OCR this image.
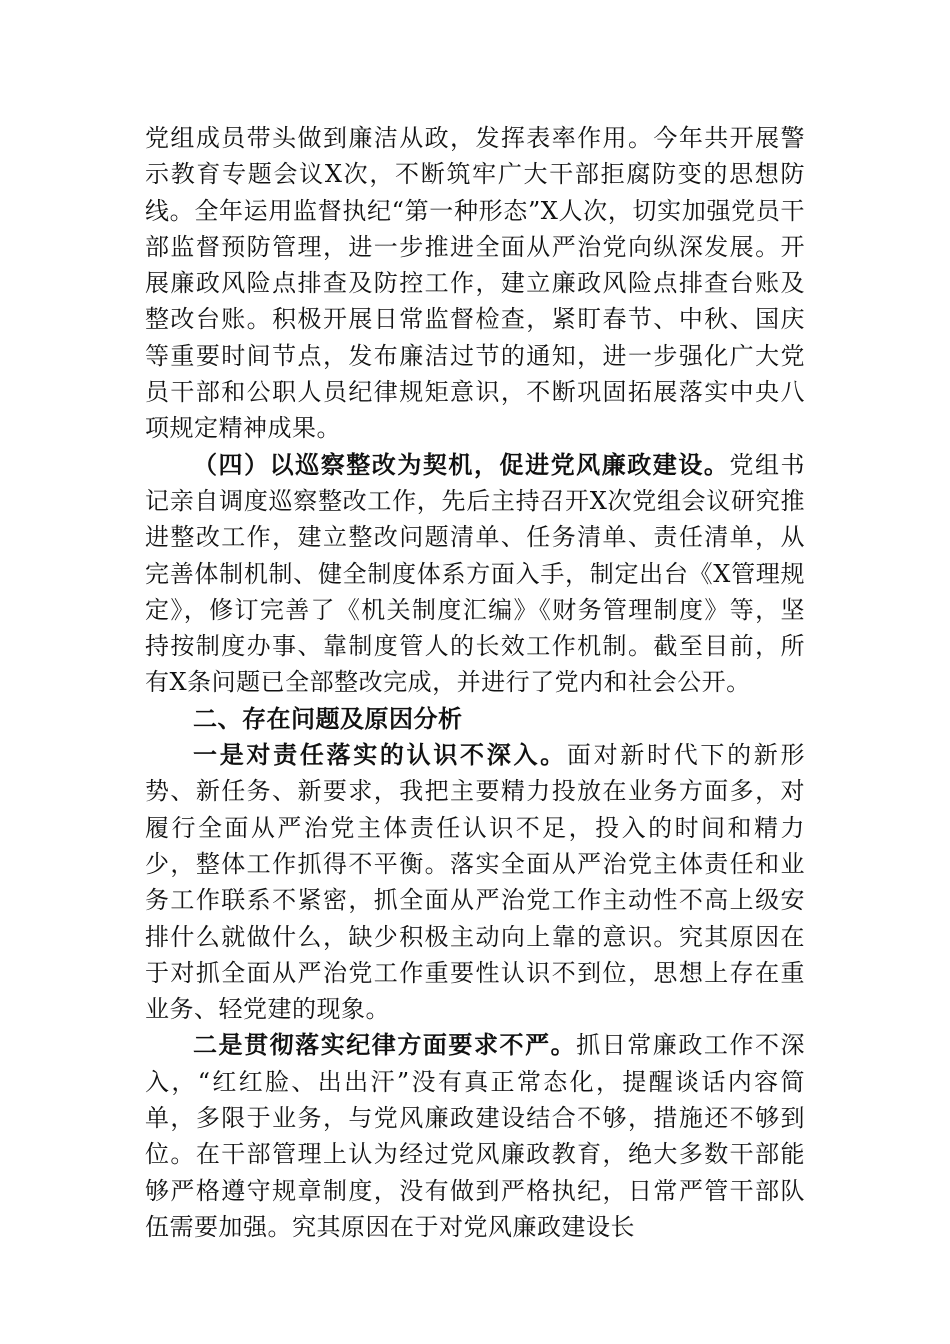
党组成员带头做到廉洁从政，发挥表率作用。今年共开展警示教育专题会议X次，不断筑牢广大干部拒腐防变的思想防线。全年运用监督执纪“第一种形态”X人次，切实加强党员干部监督预防管理，进一步推进全面从严治党向纵深发展。开展廉政风险点排查及防控工作，建立廉政风险点排查台账及整改台账。积极开展日常监督检查，紧盯春节、中秋、国庆等重要时间节点，发布廉洁过节的通知，进一步强化广大党员干部和公职人员纪律规矩意识，不断巩固拓展落实中央八项规定精神成果。

（四）以巡察整改为契机，促进党风廉政建设。党组书记亲自调度巡察整改工作，先后主持召开X次党组会议研究推进整改工作，建立整改问题清单、任务清单、责任清单，从完善体制机制、健全制度体系方面入手，制定出台《X管理规定》，修订完善了《机关制度汇编》《财务管理制度》等，坚持按制度办事、靠制度管人的长效工作机制。截至目前，所有X条问题已全部整改完成，并进行了党内和社会公开。

二、存在问题及原因分析

一是对责任落实的认识不深入。面对新时代下的新形势、新任务、新要求，我把主要精力投放在业务方面多，对履行全面从严治党主体责任认识不足，投入的时间和精力少，整体工作抓得不平衡。落实全面从严治党主体责任和业务工作联系不紧密，抓全面从严治党工作主动性不高上级安排什么就做什么，缺少积极主动向上靠的意识。究其原因在于对抓全面从严治党工作重要性认识不到位，思想上存在重业务、轻党建的现象。

二是贯彻落实纪律方面要求不严。抓日常廉政工作不深入，“红红脸、出出汗”没有真正常态化，提醒谈话内容简单，多限于业务，与党风廉政建设结合不够，措施还不够到位。在干部管理上认为经过党风廉政教育，绝大多数干部能够严格遵守规章制度，没有做到严格执纪，日常严管干部队伍需要加强。究其原因在于对党风廉政建设长
